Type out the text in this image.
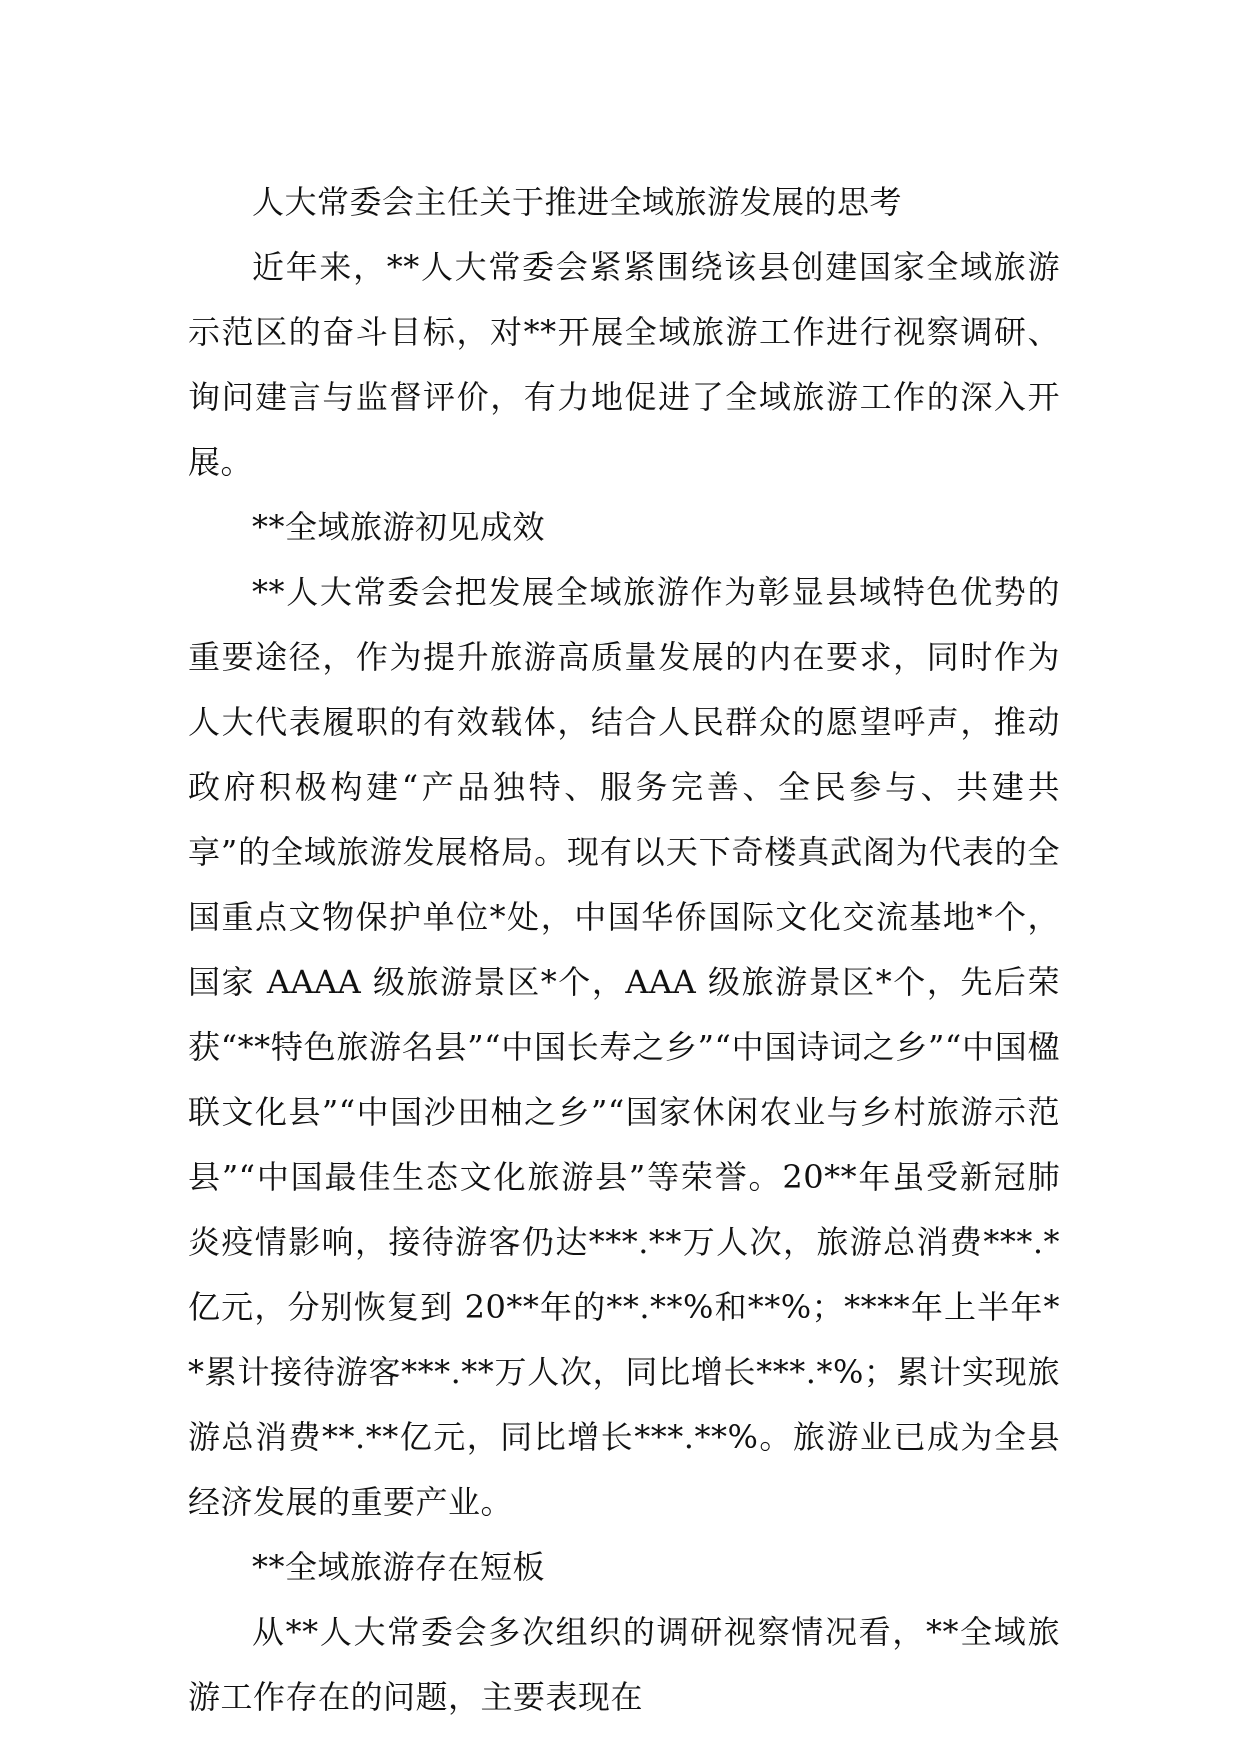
人大常委会主任关于推进全域旅游发展的思考

近年来，**人大常委会紧紧围绕该县创建国家全域旅游示范区的奋斗目标，对**开展全域旅游工作进行视察调研、询问建言与监督评价，有力地促进了全域旅游工作的深入开展。

**全域旅游初见成效

**人大常委会把发展全域旅游作为彰显县域特色优势的重要途径，作为提升旅游高质量发展的内在要求，同时作为人大代表履职的有效载体，结合人民群众的愿望呼声，推动政府积极构建“产品独特、服务完善、全民参与、共建共享”的全域旅游发展格局。现有以天下奇楼真武阁为代表的全国重点文物保护单位*处，中国华侨国际文化交流基地*个，国家 AAAA 级旅游景区*个，AAA 级旅游景区*个，先后荣获“**特色旅游名县”“中国长寿之乡”“中国诗词之乡”“中国楹联文化县”“中国沙田柚之乡”“国家休闲农业与乡村旅游示范县”“中国最佳生态文化旅游县”等荣誉。20**年虽受新冠肺炎疫情影响，接待游客仍达***.**万人次，旅游总消费***.*亿元，分别恢复到 20**年的**.**%和**%；****年上半年**累计接待游客***.**万人次，同比增长***.*%；累计实现旅游总消费**.**亿元，同比增长***.**%。旅游业已成为全县经济发展的重要产业。

**全域旅游存在短板

从**人大常委会多次组织的调研视察情况看，**全域旅游工作存在的问题，主要表现在
